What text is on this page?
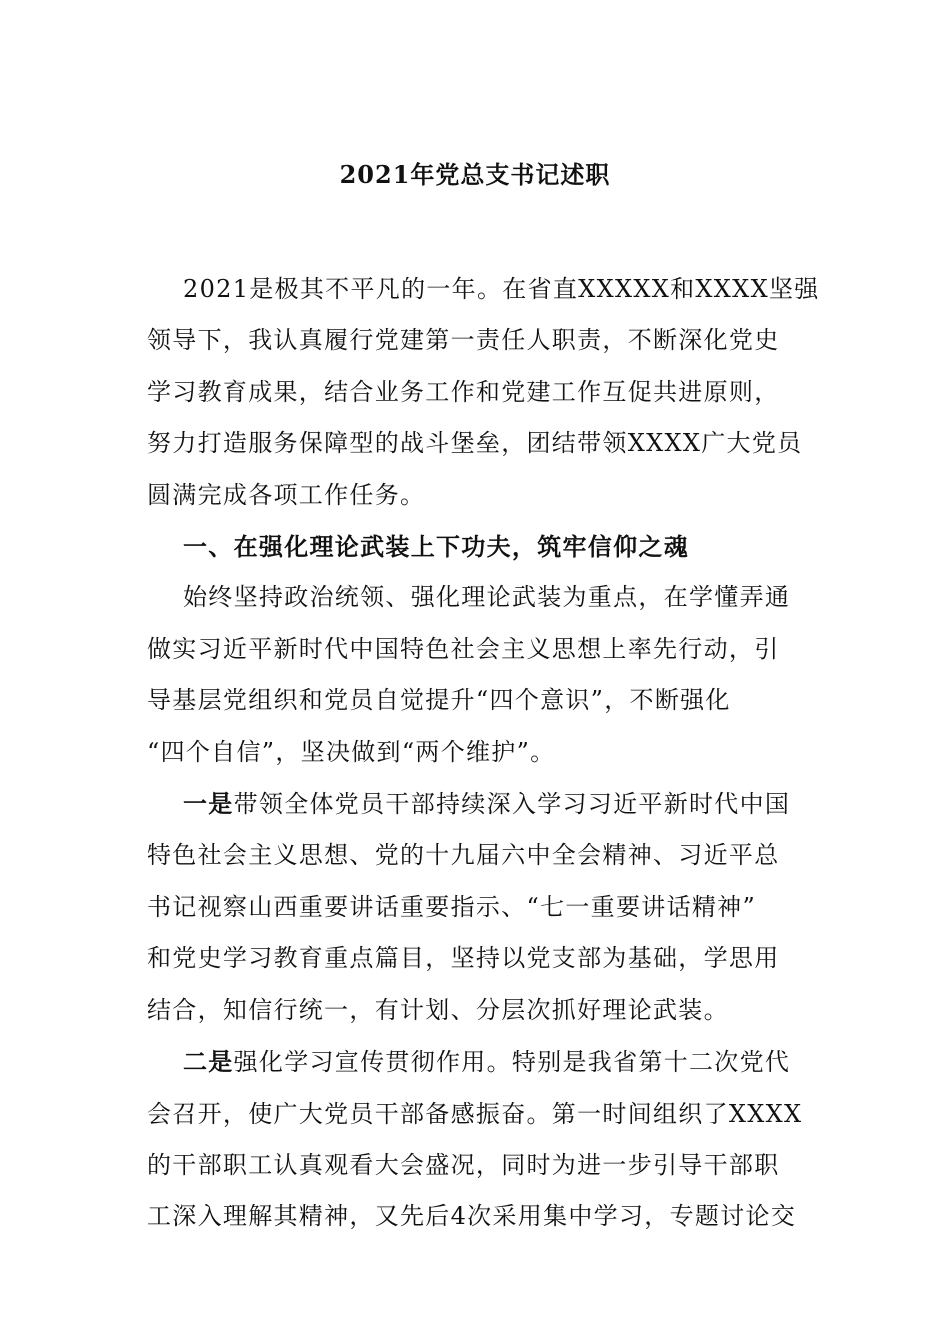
2021年党总支书记述职

2021是极其不平凡的一年。在省直XXXXX和XXXX坚强
领导下，我认真履行党建第一责任人职责，不断深化党史
学习教育成果，结合业务工作和党建工作互促共进原则，
努力打造服务保障型的战斗堡垒，团结带领XXXX广大党员
圆满完成各项工作任务。

一、在强化理论武装上下功夫，筑牢信仰之魂

始终坚持政治统领、强化理论武装为重点，在学懂弄通
做实习近平新时代中国特色社会主义思想上率先行动，引
导基层党组织和党员自觉提升“四个意识”，不断强化
“四个自信”，坚决做到“两个维护”。

一是带领全体党员干部持续深入学习习近平新时代中国
特色社会主义思想、党的十九届六中全会精神、习近平总
书记视察山西重要讲话重要指示、“七一重要讲话精神”
和党史学习教育重点篇目，坚持以党支部为基础，学思用
结合，知信行统一，有计划、分层次抓好理论武装。

二是强化学习宣传贯彻作用。特别是我省第十二次党代
会召开，使广大党员干部备感振奋。第一时间组织了XXXX
的干部职工认真观看大会盛况，同时为进一步引导干部职
工深入理解其精神，又先后4次采用集中学习，专题讨论交
